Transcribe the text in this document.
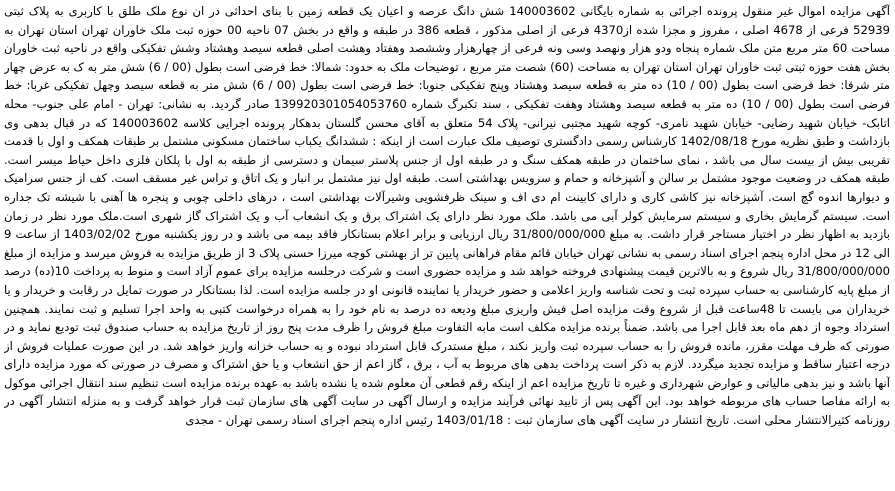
آگهی مزایده اموال غیر منقول پرونده اجرائی به شماره بایگانی 140003602 شش دانگ عرصه و اعیان یک قطعه زمین با بنای احداثی در ان نوع ملک طلق با کاربری به پلاک ثبتی 52939 فرعی از 4678 اصلی ، مفروز و مجزا شده از4370 فرعی از اصلی مذکور ، قطعه 386 در طبقه و واقع در بخش 07 ناحیه 00 حوزه ثبت ملک خاوران تهران استان تهران به مساحت 60 متر مربع متن ملک شماره پنجاه ودو هزار ونهصد وسی ونه فرعی از چهارهزار وششصد وهفتاد وهشت اصلی قطعه سیصد وهشتاد وشش تفکیکی واقع در ناحیه ثبت خاوران بخش هفت حوزه ثبتی ثبت خاوران تهران استان تهران به مساحت (60) شصت متر مربع ، توضیحات ملک به حدود: شمالا: خط فرضی است بطول (00 / 6) شش متر به ک به عرض چهار متر شرقا: خط فرضی است بطول (00 / 10) ده متر به قطعه سیصد وهشتاد وپنج تفکیکی جنوبا: خط فرضی است بطول (00 / 6) شش متر به قطعه سیصد وچهل تفکیکی غربا: خط فرضی است بطول (00 / 10) ده متر به قطعه سیصد وهشتاد وهفت تفکیکی ، سند تکبرگ شماره 139920301054053760 صادر گردید. به نشانی: تهران - امام علی جنوب- محله اتابک- خیابان شهید رضایی- خیابان شهید نامری- کوچه شهید مجتبی نیرانی- پلاک 54 متعلق به آقای محسن گلستان بدهکار پرونده اجرایی کلاسه 140003602 که در قبال بدهی وی بازداشت و طبق نظریه مورخ 1402/08/18 کارشناس رسمی دادگستری توصیف ملک عبارت است از اینکه : ششدانگ یکباب ساختمان مسکونی مشتمل بر طبقات همکف و اول با قدمت تقریبی بیش از بیست سال می باشد ، نمای ساختمان در طبقه همکف سنگ و در طبقه اول از جنس پلاستر سیمان و دسترسی از طبقه به اول با پلکان فلزی داخل حیاط میسر است. طبقه همکف در وضعیت موجود مشتمل بر سالن و آشپزخانه و حمام و سرویس بهداشتی است. طبقه اول نیز مشتمل بر انبار و یک اتاق و تراس غیر مسقف است. کف از جنس سرامیک و دیوارها اندوه گچ است. آشپزخانه نیز کاشی کاری و دارای کابینت ام دی اف و سینک ظرفشویی وشیرآلات بهداشتی است ، درهای داخلی چوبی و پنجره ها آهنی با شیشه تک جداره است. سیستم گرمایش بخاری و سیستم سرمایش کولر آبی می باشد. ملک مورد نظر دارای یک اشتراک برق و یک انشعاب آب و یک اشتراک گاز شهری است.ملک مورد نظر در زمان بازدید به اظهار نظر در اختیار مستاجر قرار داشت. به مبلغ 31/800/000/000 ریال ارزیابی و برابر اعلام بستانکار فاقد بیمه می باشد و در روز یکشنبه مورخ 1403/02/02 از ساعت 9 الی 12 در محل اداره پنجم اجرای اسناد رسمی به نشانی تهران خیابان قائم مقام فراهانی پایین تر از بهشتی کوچه میرزا حسنی پلاک 3 از طریق مزایده به فروش میرسد و مزایده از مبلغ 31/800/000/000 ریال شروع و به بالاترین قیمت پیشنهادی فروخته خواهد شد و مزایده حضوری است و شرکت درجلسه مزایده برای عموم آزاد است و منوط به پرداخت 10(ده) درصد از مبلغ پایه کارشناسی به حساب سپرده ثبت و تحت شناسه واریز اعلامی و حضور خریدار یا نماینده قانونی او در جلسه مزایده است. لذا بستانکار در صورت تمایل در رقابت و خریدار و یا خریداران می بایست تا 48ساعت قبل از شروع وقت مزایده اصل فیش واریزی مبلغ ودیعه ده درصد به نام خود را به همراه درخواست کتبی به واحد اجرا تسلیم و ثبت نمایند. همچنین استرداد وجوه از دهم ماه بعد قابل اجرا می باشد. ضمناً برنده مزایده مکلف است مابه التفاوت مبلغ فروش را ظرف مدت پنج روز از تاریخ مزایده به حساب صندوق ثبت تودیع نماید و در صورتی که ظرف مهلت مقرر، مانده فروش را به حساب سپرده ثبت واریز نکند ، مبلغ مستدرک قابل استرداد نبوده و به حساب خزانه واریز خواهد شد. در این صورت عملیات فروش از درجه اعتبار ساقط و مزایده تجدید میگردد. لازم به ذکر است پرداخت بدهی های مربوط به آب ، برق ، گاز اعم از حق انشعاب و یا حق اشتراک و مصرف در صورتی که مورد مزایده دارای آنها باشد و نیز بدهی مالیاتی و عوارض شهرداری و غیره تا تاریخ مزایده اعم از اینکه رقم قطعی آن معلوم شده یا نشده باشد به عهده برنده مزایده است تنظیم سند انتقال اجرائی موکول به ارائه مفاصا حساب های مربوطه خواهد بود. این آگهی پس از تایید نهائی فرآیند مزایده و ارسال آگهی در سایت آگهی های سازمان ثبت قرار خواهد گرفت و به منزله انتشار آگهی در روزنامه کثیرالانتشار محلی است. تاریخ انتشار در سایت آگهی های سازمان ثبت : 1403/01/18 رئیس اداره پنجم اجرای اسناد رسمی تهران - مجدی
